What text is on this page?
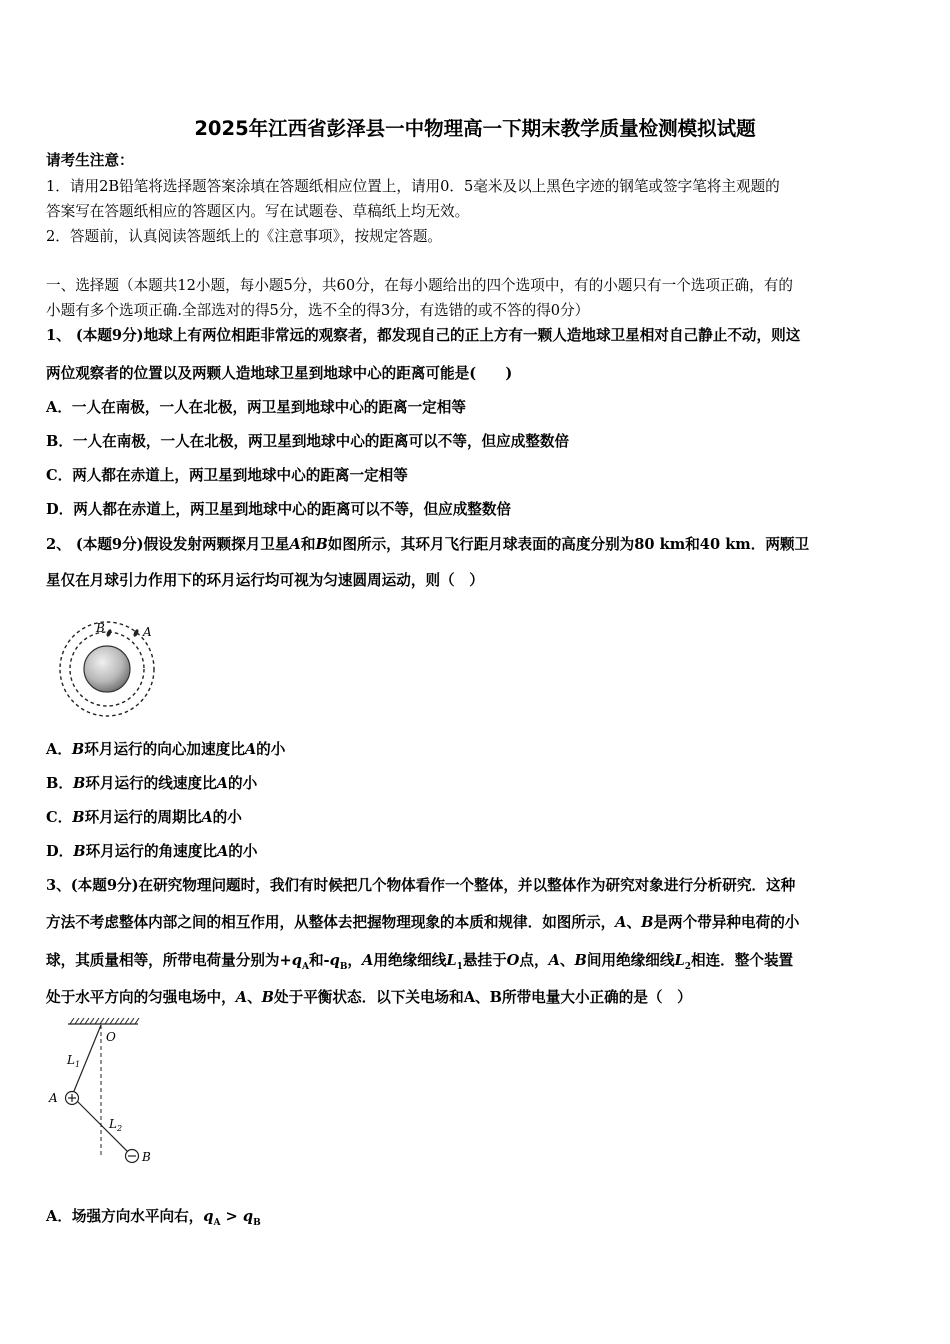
2025年江西省彭泽县一中物理高一下期末教学质量检测模拟试题
请考生注意：
1．请用2B铅笔将选择题答案涂填在答题纸相应位置上，请用0．5毫米及以上黑色字迹的钢笔或签字笔将主观题的
答案写在答题纸相应的答题区内。写在试题卷、草稿纸上均无效。
2．答题前，认真阅读答题纸上的《注意事项》，按规定答题。
一、选择题（本题共12小题，每小题5分，共60分，在每小题给出的四个选项中，有的小题只有一个选项正确，有的
小题有多个选项正确.全部选对的得5分，选不全的得3分，有选错的或不答的得0分）
1、 (本题9分)地球上有两位相距非常远的观察者，都发现自己的正上方有一颗人造地球卫星相对自己静止不动，则这
两位观察者的位置以及两颗人造地球卫星到地球中心的距离可能是(　　)
A．一人在南极，一人在北极，两卫星到地球中心的距离一定相等
B．一人在南极，一人在北极，两卫星到地球中心的距离可以不等，但应成整数倍
C．两人都在赤道上，两卫星到地球中心的距离一定相等
D．两人都在赤道上，两卫星到地球中心的距离可以不等，但应成整数倍
2、 (本题9分)假设发射两颗探月卫星A和B如图所示，其环月飞行距月球表面的高度分别为80 km和40 km．两颗卫
星仅在月球引力作用下的环月运行均可视为匀速圆周运动，则（　）
B	A
A．B环月运行的向心加速度比A的小
B．B环月运行的线速度比A的小
C．B环月运行的周期比A的小
D．B环月运行的角速度比A的小
3、(本题9分)在研究物理问题时，我们有时候把几个物体看作一个整体，并以整体作为研究对象进行分析研究．这种
方法不考虑整体内部之间的相互作用，从整体去把握物理现象的本质和规律．如图所示，A、B是两个带异种电荷的小
球，其质量相等，所带电荷量分别为$+q_A$和$-q_B$，A用绝缘细线$L_1$悬挂于O点，A、B间用绝缘细线$L_2$相连．整个装置
处于水平方向的匀强电场中，A、B处于平衡状态．以下关电场和A、B所带电量大小正确的是（　）
O
$L_1$
$L_2$
A
B
A．场强方向水平向右，$q_A > q_B$
